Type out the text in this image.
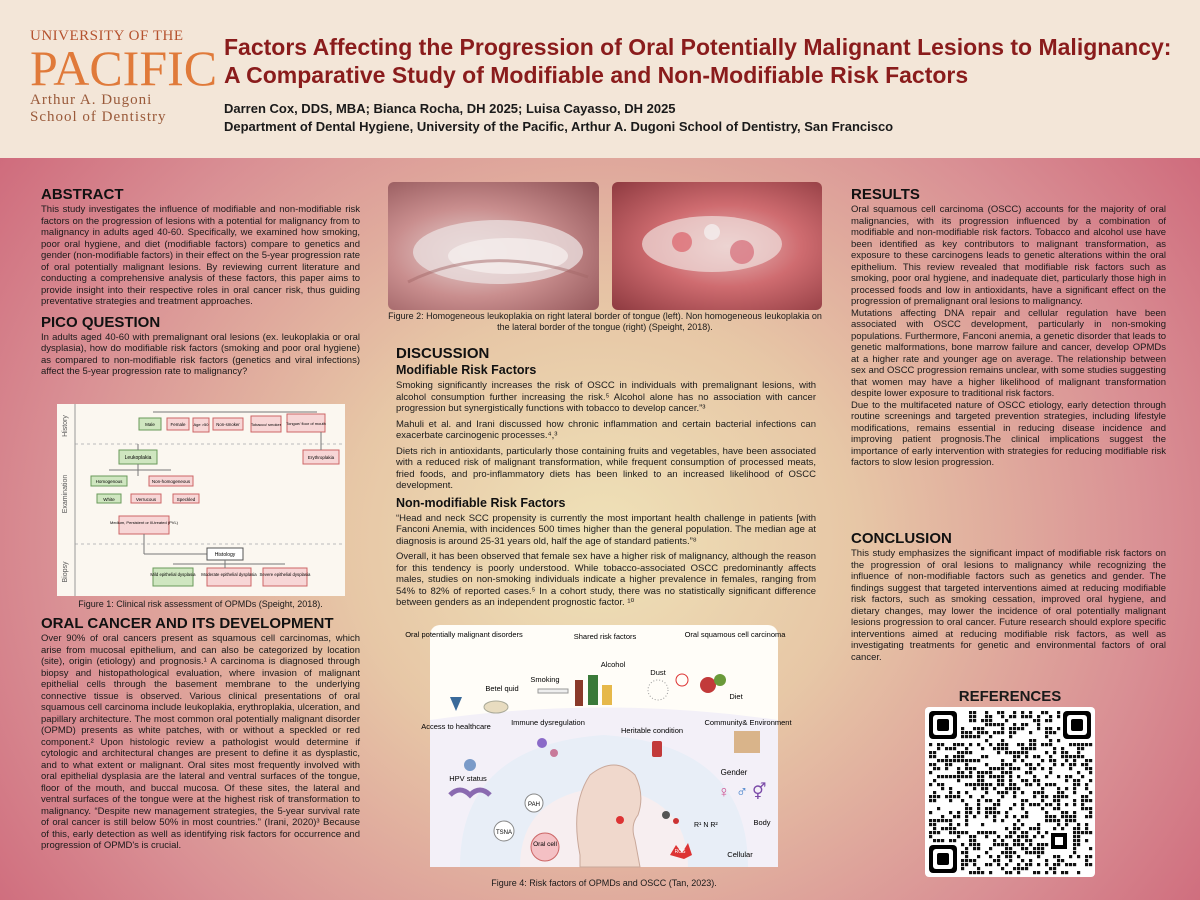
UNIVERSITY OF THE
PACIFIC
Arthur A. Dugoni
School of Dentistry
Factors Affecting the Progression of Oral Potentially Malignant Lesions to Malignancy: A Comparative Study of Modifiable and Non-Modifiable Risk Factors
Darren Cox, DDS, MBA; Bianca Rocha, DH 2025; Luisa Cayasso, DH 2025
Department of Dental Hygiene, University of the Pacific, Arthur A. Dugoni School of Dentistry, San Francisco
ABSTRACT

This study investigates the influence of modifiable and non-modifiable risk factors on the progression of lesions with a potential for malignancy from to malignancy in adults aged 40-60. Specifically, we examined how smoking, poor oral hygiene, and diet (modifiable factors) compare to genetics and gender (non-modifiable factors) in their effect on the 5-year progression rate of oral potentially malignant lesions. By reviewing current literature and conducting a comprehensive analysis of these factors, this paper aims to provide insight into their respective roles in oral cancer risk, thus guiding preventative strategies and treatment approaches.

PICO QUESTION

In adults aged 40-60 with premalignant oral lesions (ex. leukoplakia or oral dysplasia), how do modifiable risk factors (smoking and poor oral hygiene) as compared to non-modifiable risk factors (genetics and viral infections) affect the 5-year progression rate to malignancy?

History
Examination
Biopsy
Male	Female Age >50 Non-smoker	Tobacco/ smoker Tongue/ floor of mouth
Leukoplakia	Erythroplakia
Homogenous	Non-homogeneous
White	Verrucous	Speckled
Medium, Persistent or Ill-treated (PVL)
Histology
Mild epithelial dysplasia Moderate epithelial dysplasia Severe epithelial dysplasia
Figure 1: Clinical risk assessment of OPMDs (Speight, 2018).
ORAL CANCER AND ITS DEVELOPMENT

Over 90% of oral cancers present as squamous cell carcinomas, which arise from mucosal epithelium, and can also be categorized by location (site), origin (etiology) and prognosis.¹ A carcinoma is diagnosed through biopsy and histopathological evaluation, where invasion of malignant epithelial cells through the basement membrane to the underlying connective tissue is observed. Various clinical presentations of oral squamous cell carcinoma include leukoplakia, erythroplakia, ulceration, and papillary architecture. The most common oral potentially malignant disorder (OPMD) presents as white patches, with or without a speckled or red component.² Upon histologic review a pathologist would determine if cytologic and architectural changes are present to define it as dysplastic, and to what extent or malignant. Oral sites most frequently involved with oral epithelial dysplasia are the lateral and ventral surfaces of the tongue, floor of the mouth, and buccal mucosa. Of these sites, the lateral and ventral surfaces of the tongue were at the highest risk of transformation to malignancy. “Despite new management strategies, the 5-year survival rate of oral cancer is still below 50% in most countries.” (Irani, 2020)³ Because of this, early detection as well as identifying risk factors for occurrence and progression of OPMD's is crucial.

Figure 2: Homogeneous leukoplakia on right lateral border of tongue (left). Non homogeneous leukoplakia on the lateral border of the tongue (right) (Speight, 2018).
DISCUSSION
Modifiable Risk Factors

Smoking significantly increases the risk of OSCC in individuals with premalignant lesions, with alcohol consumption further increasing the risk.⁵ Alcohol alone has no association with cancer progression but synergistically functions with tobacco to develop cancer.”³

Mahuli et al. and Irani discussed how chronic inflammation and certain bacterial infections can exacerbate carcinogenic processes.⁴,³

Diets rich in antioxidants, particularly those containing fruits and vegetables, have been associated with a reduced risk of malignant transformation, while frequent consumption of processed meats, fried foods, and pro-inflammatory diets has been linked to an increased likelihood of OSCC development.

Non-modifiable Risk Factors

“Head and neck SCC propensity is currently the most important health challenge in patients [with Fanconi Anemia, with incidences 500 times higher than the general population. The median age at diagnosis is around 25-31 years old, half the age of standard patients.”⁸

Overall, it has been observed that female sex have a higher risk of malignancy, although the reason for this tendency is poorly understood. While tobacco-associated OSCC predominantly affects males, studies on non-smoking individuals indicate a higher prevalence in females, ranging from 54% to 82% of reported cases.⁵ In a cohort study, there was no statistically significant difference between genders as an independent prognostic factor. ¹⁰

Oral potentially malignant disorders	Shared risk factors	Oral squamous cell carcinoma
Smoking
Alcohol
Dust
Betel quid
Diet
Access to healthcare	Immune dysregulation
Heritable condition
Community& Environment
HPV status
Gender
Body
Cellular
♀ ♂ ⚥
PAH
TSNA
Oral cell
ROS
R¹ N R²
Figure 4: Risk factors of OPMDs and OSCC (Tan, 2023).
RESULTS

Oral squamous cell carcinoma (OSCC) accounts for the majority of oral malignancies, with its progression influenced by a combination of modifiable and non-modifiable risk factors. Tobacco and alcohol use have been identified as key contributors to malignant transformation, as exposure to these carcinogens leads to genetic alterations within the oral epithelium. This review revealed that modifiable risk factors such as smoking, poor oral hygiene, and inadequate diet, particularly those high in processed foods and low in antioxidants, have a significant effect on the progression of premalignant oral lesions to malignancy.

Mutations affecting DNA repair and cellular regulation have been associated with OSCC development, particularly in non-smoking populations. Furthermore, Fanconi anemia, a genetic disorder that leads to genetic malformations, bone marrow failure and cancer, develop OPMDs at a higher rate and younger age on average. The relationship between sex and OSCC progression remains unclear, with some studies suggesting that women may have a higher likelihood of malignant transformation despite lower exposure to traditional risk factors.

Due to the multifaceted nature of OSCC etiology, early detection through routine screenings and targeted prevention strategies, including lifestyle modifications, remains essential in reducing disease incidence and improving patient prognosis.The clinical implications suggest the importance of early intervention with strategies for reducing modifiable risk factors to slow lesion progression.

CONCLUSION

This study emphasizes the significant impact of modifiable risk factors on the progression of oral lesions to malignancy while recognizing the influence of non-modifiable factors such as genetics and gender. The findings suggest that targeted interventions aimed at reducing modifiable risk factors, such as smoking cessation, improved oral hygiene, and dietary changes, may lower the incidence of oral potentially malignant lesions progression to oral cancer. Future research should explore specific interventions aimed at reducing modifiable risk factors, as well as investigating treatments for genetic and environmental factors of oral cancer.

REFERENCES
